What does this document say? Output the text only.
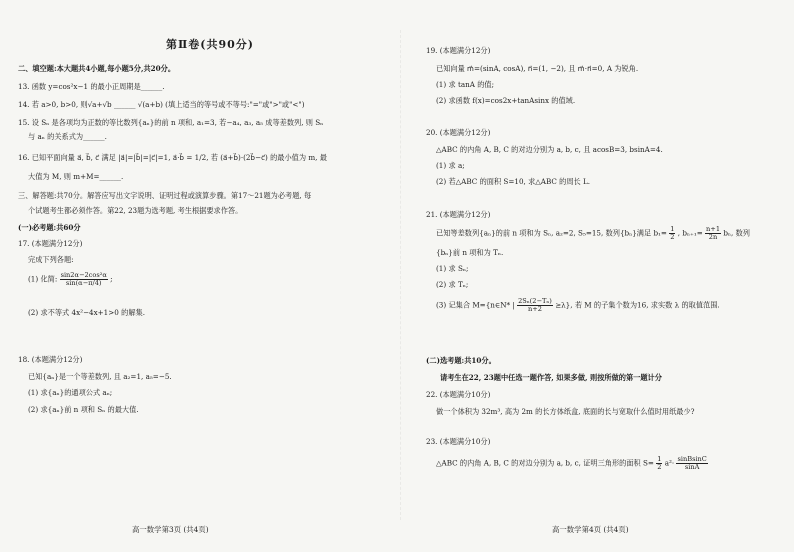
第Ⅱ卷(共90分)
二、填空题:本大题共4小题,每小题5分,共20分。
13. 函数 y=cos²x−1 的最小正周期是______.
14. 若 a>0, b>0, 则√a+√b ______ √(a+b) (填上适当的等号或不等号:"="或">"或"<")
15. 设 Sₙ 是各项均为正数的等比数列{aₙ}的前 n 项和, a₁=3, 若−a₄, a₃, a₅ 成等差数列, 则 Sₙ
与 aₙ 的关系式为______.
16. 已知平面向量 a⃗, b⃗, c⃗ 满足 |a⃗|=|b⃗|=|c⃗|=1, a⃗·b⃗ = 1/2, 若 (a⃗+b⃗)·(2b⃗−c⃗) 的最小值为 m, 最
大值为 M, 则 m+M=______.
三、解答题:共70分。解答应写出文字说明、证明过程或演算步骤。第17～21题为必考题, 每
个试题考生都必须作答。第22, 23题为选考题, 考生根据要求作答。
(一)必考题:共60分
17. (本题满分12分)
完成下列各题:
(1) 化简: $\frac{\text{sin2α−2cos²α}}{\sin(\alpha-\pi/4)}$ ;
(2) 求不等式 4x²−4x+1>0 的解集.
18. (本题满分12分)
已知{aₙ}是一个等差数列, 且 a₂=1, a₅=−5.
(1) 求{aₙ}的通项公式 aₙ;
(2) 求{aₙ}前 n 项和 Sₙ 的最大值.
高一数学第3页 (共4页)
19. (本题满分12分)
已知向量 m⃗=(sinA, cosA), n⃗=(1, −2), 且 m⃗·n⃗=0, A 为锐角.
(1) 求 tanA 的值;
(2) 求函数 f(x)=cos2x+tanAsinx 的值域.
20. (本题满分12分)
△ABC 的内角 A, B, C 的对边分别为 a, b, c, 且 acosB=3, bsinA=4.
(1) 求 a;
(2) 若△ABC 的面积 S=10, 求△ABC 的周长 L.
21. (本题满分12分)
已知等差数列{aₙ}的前 n 项和为 Sₙ, a₂=2, S₅=15, 数列{bₙ}满足 $b_1= \frac{1}{2}$ , $b_{n+1}= \frac{n+1}{2n} b_n$, 数列
{bₙ}前 n 项和为 Tₙ.
(1) 求 Sₙ;
(2) 求 Tₙ;
(3) 记集合 M={n∈N* | $\frac{\text{2Sₙ(2−Tₙ)}}{n+2} \ge\lambda$}, 若 M 的子集个数为16, 求实数 λ 的取值范围.
(二)选考题:共10分。
请考生在22, 23题中任选一题作答, 如果多做, 则按所做的第一题计分
22. (本题满分10分)
做一个体积为 32m³, 高为 2m 的长方体纸盒, 底面的长与宽取什么值时用纸最少?
23. (本题满分10分)
△ABC 的内角 A, B, C 的对边分别为 a, b, c, 证明三角形的面积 $S= \frac{1}{2} a^2\cdot \frac{\text{sinBsinC}}{\sin A}$
高一数学第4页 (共4页)
